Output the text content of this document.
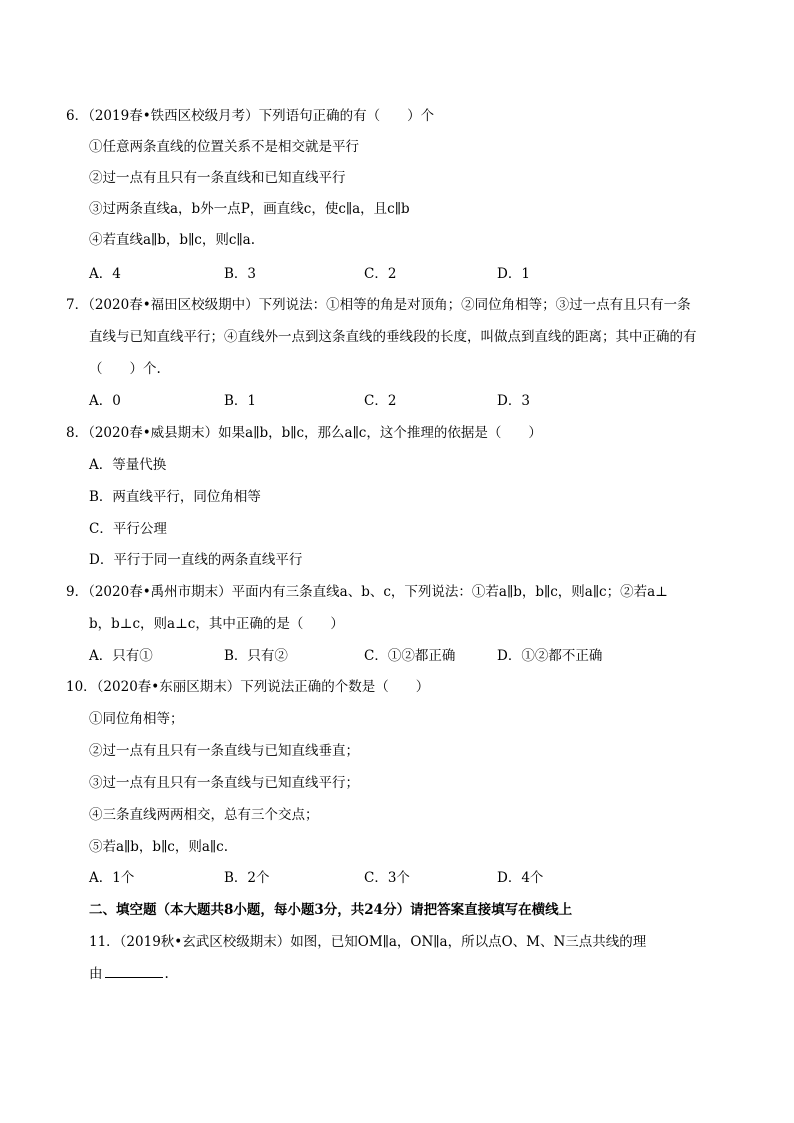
6．（2019春•铁西区校级月考）下列语句正确的有（　　）个
①任意两条直线的位置关系不是相交就是平行
②过一点有且只有一条直线和已知直线平行
③过两条直线a，b外一点P，画直线c，使c∥a，且c∥b
④若直线a∥b，b∥c，则c∥a.
A．4	B．3	C．2	D．1
7．（2020春•福田区校级期中）下列说法：①相等的角是对顶角；②同位角相等；③过一点有且只有一条
直线与已知直线平行；④直线外一点到这条直线的垂线段的长度，叫做点到直线的距离；其中正确的有
（　　）个.
A．0	B．1	C．2	D．3
8．（2020春•威县期末）如果a∥b，b∥c，那么a∥c，这个推理的依据是（　　）
A．等量代换
B．两直线平行，同位角相等
C．平行公理
D．平行于同一直线的两条直线平行
9．（2020春•禹州市期末）平面内有三条直线a、b、c，下列说法：①若a∥b，b∥c，则a∥c；②若a⊥
b，b⊥c，则a⊥c，其中正确的是（　　）
A．只有①	B．只有②	C．①②都正确	D．①②都不正确
10．（2020春•东丽区期末）下列说法正确的个数是（　　）
①同位角相等；
②过一点有且只有一条直线与已知直线垂直；
③过一点有且只有一条直线与已知直线平行；
④三条直线两两相交，总有三个交点；
⑤若a∥b，b∥c，则a∥c.
A．1个	B．2个	C．3个	D．4个
二、填空题（本大题共8小题，每小题3分，共24分）请把答案直接填写在横线上
11．（2019秋•玄武区校级期末）如图，已知OM∥a，ON∥a，所以点O、M、N三点共线的理
由	.
